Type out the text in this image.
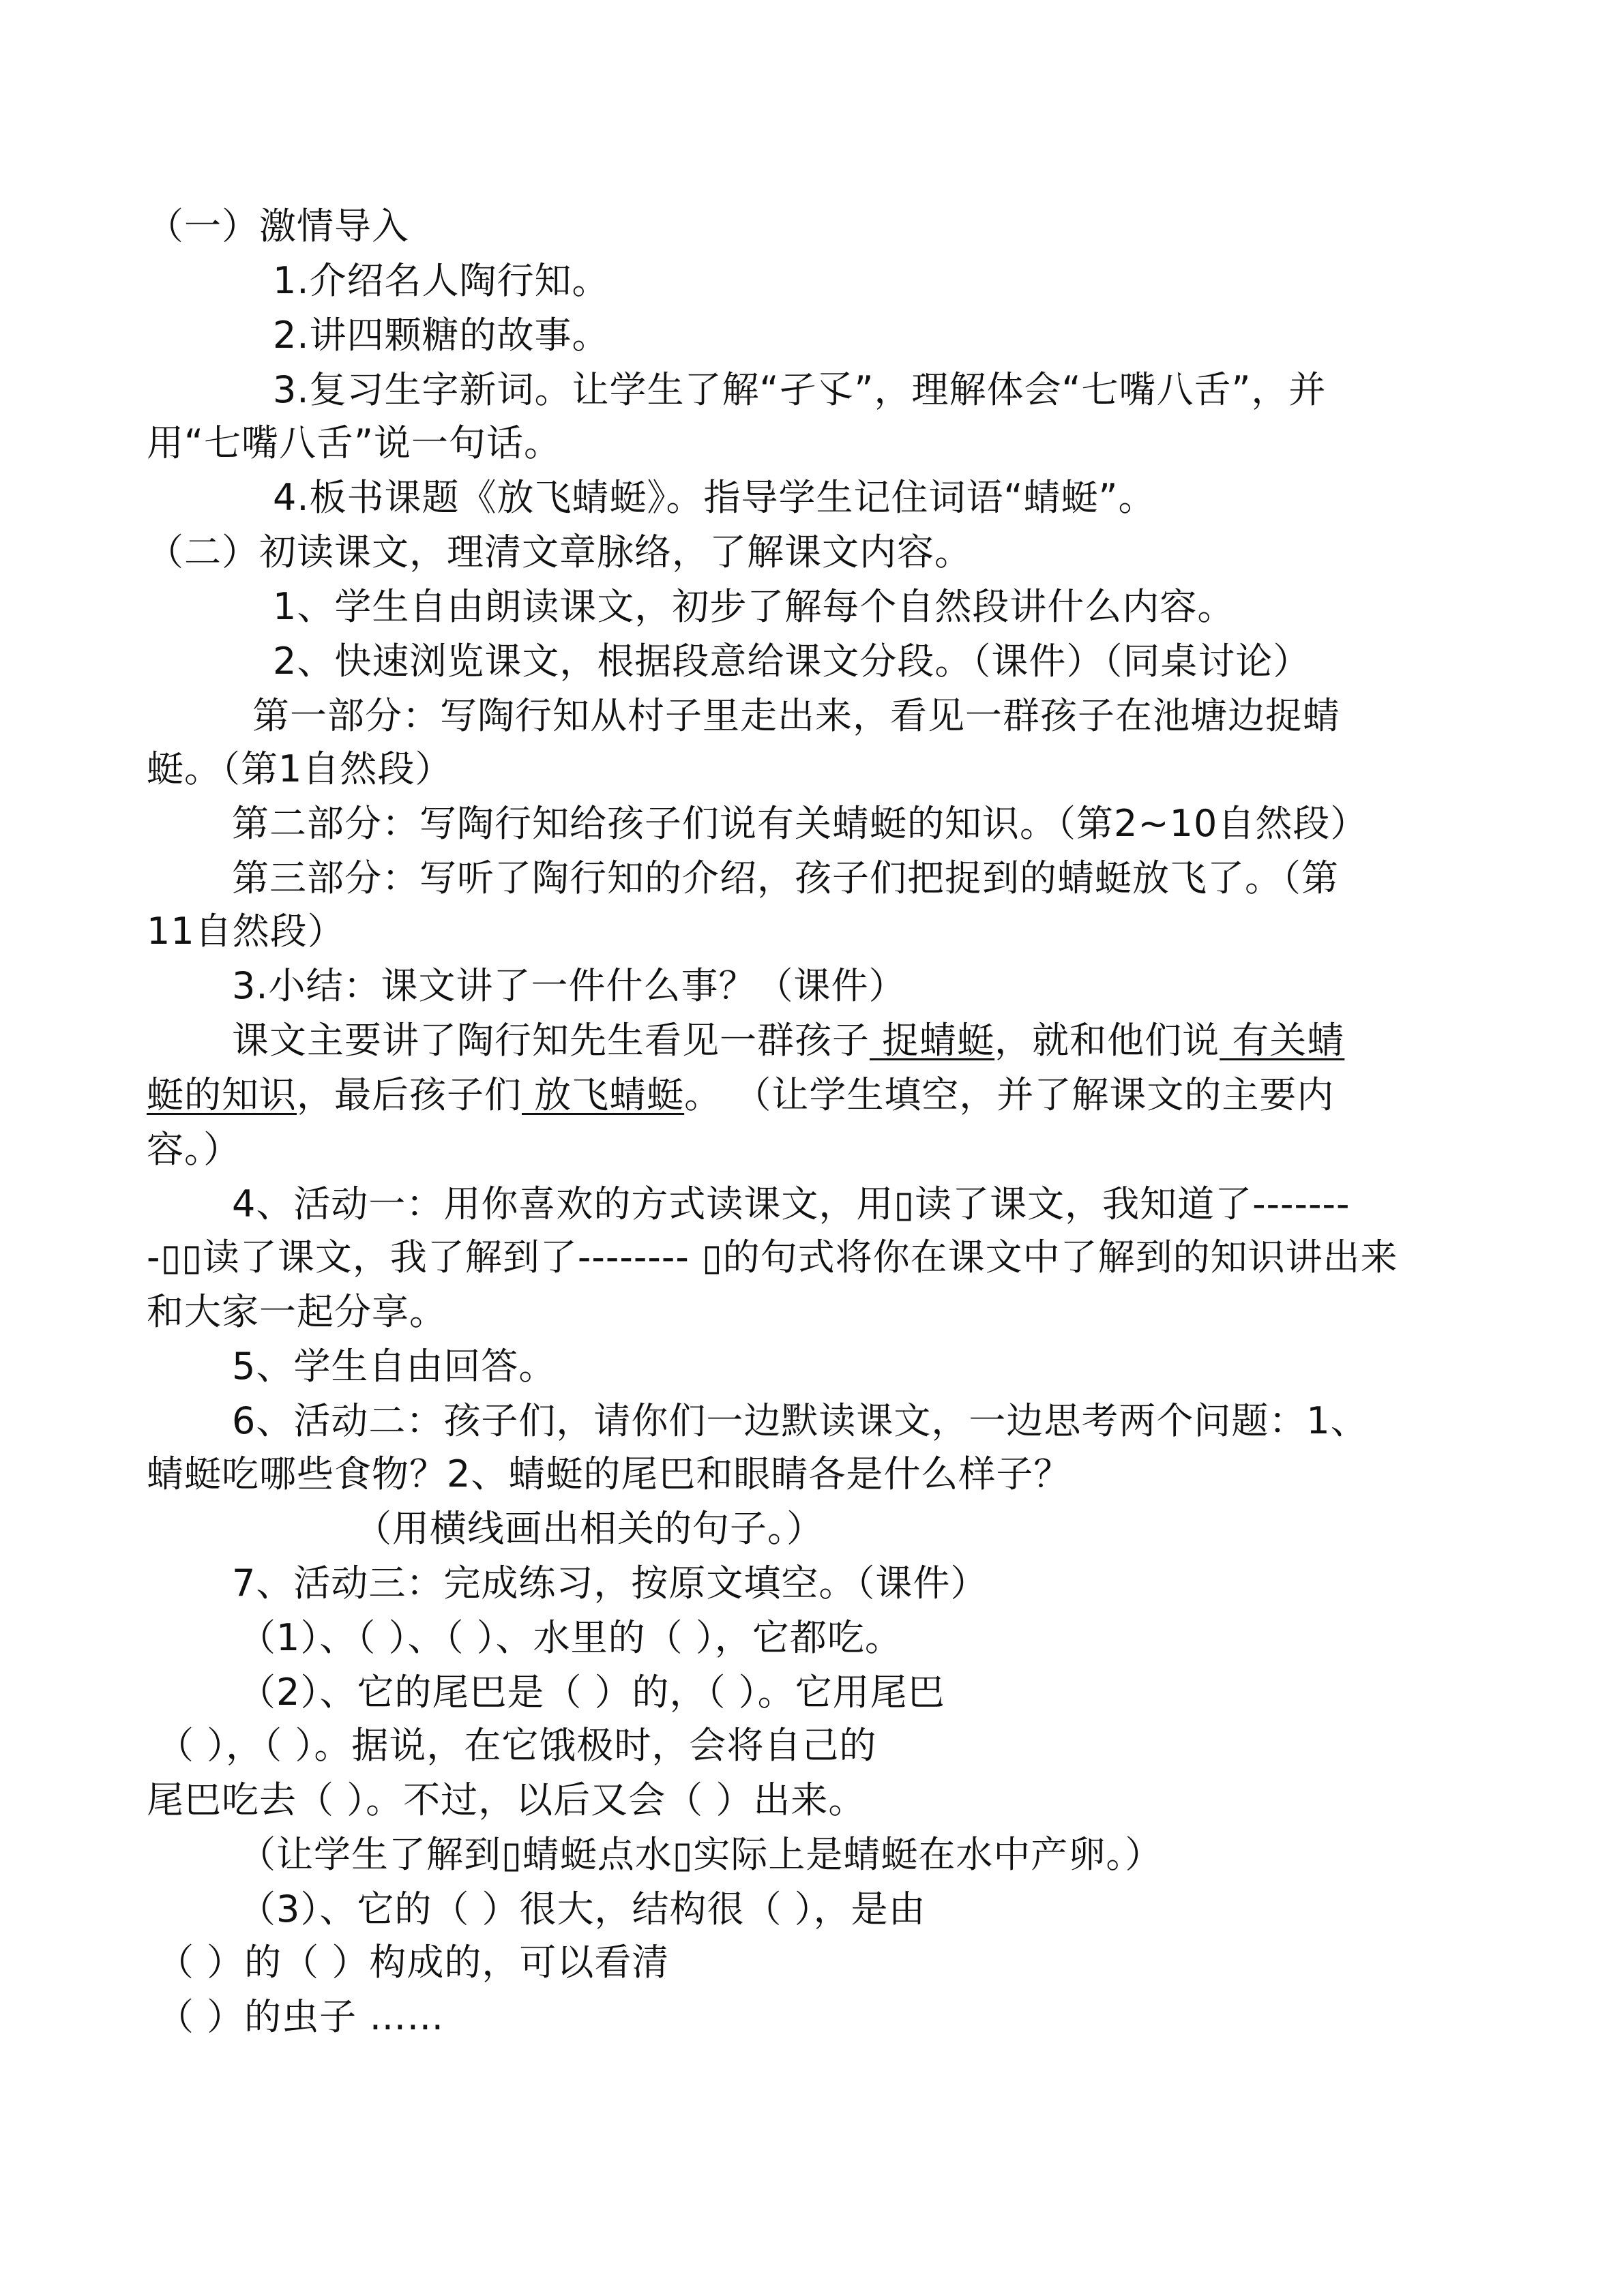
（一）激情导入
1.介绍名人陶行知。
2.讲四颗糖的故事。
3.复习生字新词。让学生了解“孑孓”，理解体会“七嘴八舌”，并
用“七嘴八舌”说一句话。
4.板书课题《放飞蜻蜓》。指导学生记住词语“蜻蜓”。
（二）初读课文，理清文章脉络，了解课文内容。
1、学生自由朗读课文，初步了解每个自然段讲什么内容。
2、快速浏览课文，根据段意给课文分段。（课件）（同桌讨论）
第一部分：写陶行知从村子里走出来，看见一群孩子在池塘边捉蜻
蜓。（第1自然段）
第二部分：写陶行知给孩子们说有关蜻蜓的知识。（第2~10自然段）
第三部分：写听了陶行知的介绍，孩子们把捉到的蜻蜓放飞了。（第
11自然段）
3.小结：课文讲了一件什么事？（课件）
课文主要讲了陶行知先生看见一群孩子 捉蜻蜓，就和他们说 有关蜻
蜓的知识，最后孩子们 放飞蜻蜓。 （让学生填空，并了解课文的主要内
容。）
4、活动一：用你喜欢的方式读课文，用▯读了课文，我知道了-------
-▯▯读了课文，我了解到了-------- ▯的句式将你在课文中了解到的知识讲出来
和大家一起分享。
5、学生自由回答。
6、活动二：孩子们，请你们一边默读课文，一边思考两个问题：1、
蜻蜓吃哪些食物？2、蜻蜓的尾巴和眼睛各是什么样子？
（用横线画出相关的句子。）
7、活动三：完成练习，按原文填空。（课件）
（1）、（ ）、（ ）、水里的（ ），它都吃。
（2）、它的尾巴是（ ）的，（ ）。它用尾巴
（ ），（ ）。据说，在它饿极时，会将自己的
尾巴吃去（ ）。不过，以后又会（ ）出来。
（让学生了解到▯蜻蜓点水▯实际上是蜻蜓在水中产卵。）
（3）、它的（ ）很大，结构很（ ），是由
（ ）的（ ）构成的，可以看清
（ ）的虫子 ……
